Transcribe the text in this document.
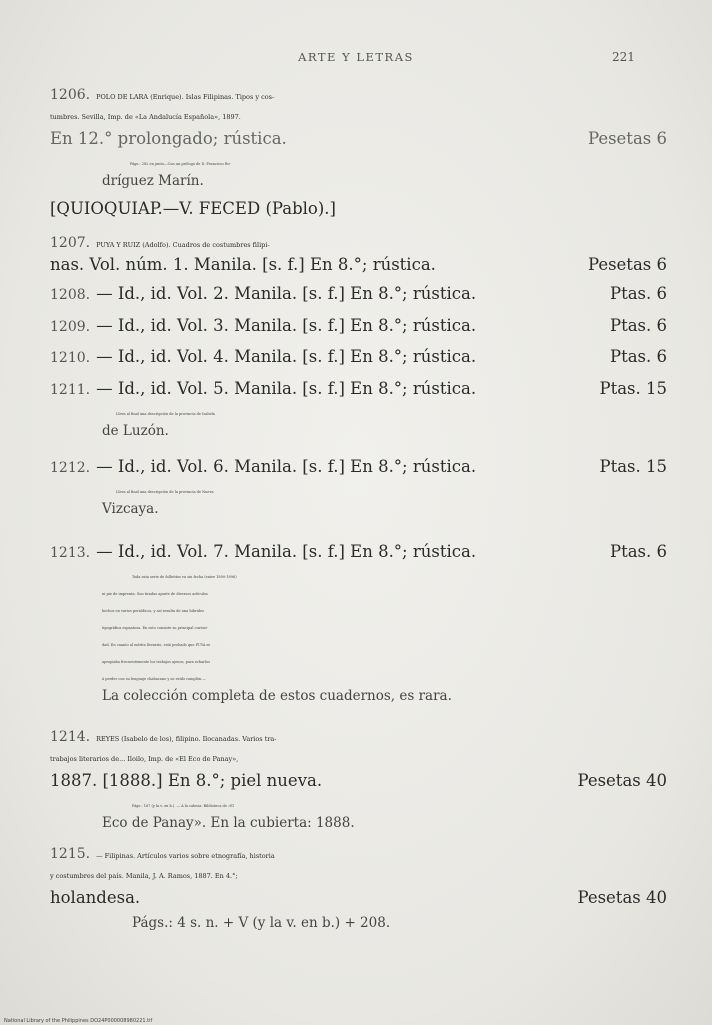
ARTE Y LETRAS	221
1206. POLO DE LARA (Enrique). Islas Filipinas. Tipos y cos-
tumbres. Sevilla, Imp. de «La Andalucía Española», 1897.
En 12.° prolongado; rústica.	Pesetas 6
Págs.: 282 en junto—Con un prólogo de D. Francisco Ro-
dríguez Marín.
[QUIOQUIAP.—V. FECED (Pablo).]
1207. PUYA Y RUIZ (Adolfo). Cuadros de costumbres filipi-
nas. Vol. núm. 1. Manila. [s. f.] En 8.°; rústica.	Pesetas 6
1208. — Id., id. Vol. 2. Manila. [s. f.] En 8.°; rústica.	Ptas. 6
1209. — Id., id. Vol. 3. Manila. [s. f.] En 8.°; rústica.	Ptas. 6
1210. — Id., id. Vol. 4. Manila. [s. f.] En 8.°; rústica.	Ptas. 6
1211. — Id., id. Vol. 5. Manila. [s. f.] En 8.°; rústica.	Ptas. 15
Lleva al final una descripción de la provincia de Isabela
de Luzón.
1212. — Id., id. Vol. 6. Manila. [s. f.] En 8.°; rústica.	Ptas. 15
Lleva al final una descripción de la provincia de Nueva
Vizcaya.
1213. — Id., id. Vol. 7. Manila. [s. f.] En 8.°; rústica.	Ptas. 6
Toda esta serie de folletitos va sin fecha (entre 1890-1896)
ni pie de imprenta. Son tiradas aparte de diversos artículos
hechos en varios periódicos, y así resulta de una hibridez
tipográfica espantosa. En esto consiste su principal curiosi-
dad. En cuanto al mérito literario, está probado que PUYA se
apropiaba frecuentemente los trabajos ajenos, para echarlos
á perder con su lenguaje chabacano y su estilo ramplón.—
La colección completa de estos cuadernos, es rara.
1214. REYES (Isabelo de los), filipino. Ilocanadas. Varios tra-
trabajos literarios de... Iloilo, Imp. de «El Eco de Panay»,
1887. [1888.] En 8.°; piel nueva.	Pesetas 40
Págs.: 167 (y la v. en b.). — A la cabeza: Biblioteca de «El
Eco de Panay». En la cubierta: 1888.
1215. — Filipinas. Artículos varios sobre etnografía, historia
y costumbres del país. Manila, J. A. Ramos, 1887. En 4.°;
holandesa.	Pesetas 40
Págs.: 4 s. n. + V (y la v. en b.) + 208.
National Library of the Philippines DO24P000008980221.tif
